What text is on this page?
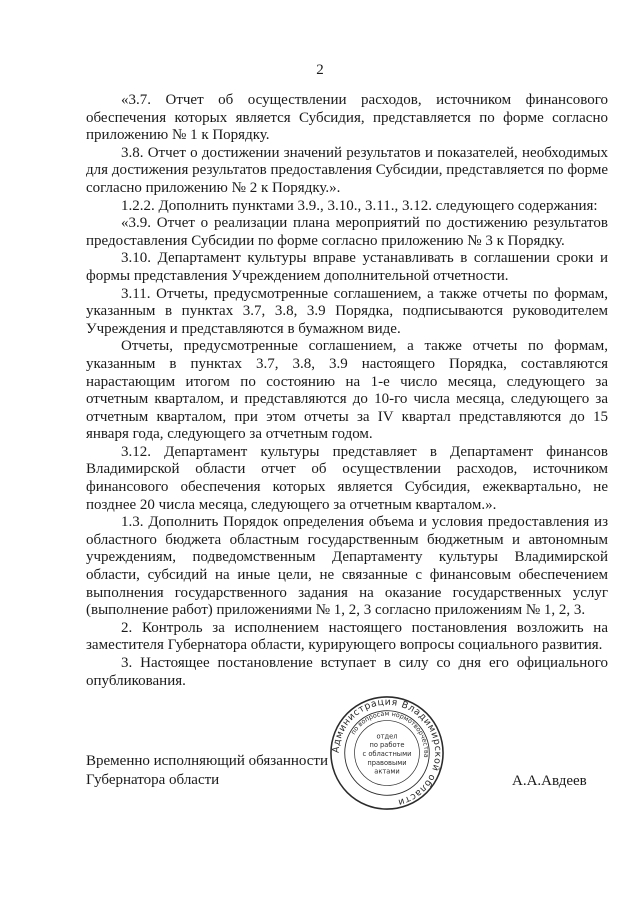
2

«3.7. Отчет об осуществлении расходов, источником финансового обеспечения которых является Субсидия, представляется по форме согласно приложению № 1 к Порядку.

3.8. Отчет о достижении значений результатов и показателей, необходимых для достижения результатов предоставления Субсидии, представляется по форме согласно приложению № 2 к Порядку.».

1.2.2. Дополнить пунктами 3.9., 3.10., 3.11., 3.12. следующего содержания:

«3.9. Отчет о реализации плана мероприятий по достижению результатов предоставления Субсидии по форме согласно приложению № 3 к Порядку.

3.10. Департамент культуры вправе устанавливать в соглашении сроки и формы представления Учреждением дополнительной отчетности.

3.11. Отчеты, предусмотренные соглашением, а также отчеты по формам, указанным в пунктах 3.7, 3.8, 3.9 Порядка, подписываются руководителем Учреждения и представляются в бумажном виде.

Отчеты, предусмотренные соглашением, а также отчеты по формам, указанным в пунктах 3.7, 3.8, 3.9 настоящего Порядка, составляются нарастающим итогом по состоянию на 1-е число месяца, следующего за отчетным кварталом, и представляются до 10-го числа месяца, следующего за отчетным кварталом, при этом отчеты за IV квартал представляются до 15 января года, следующего за отчетным годом.

3.12. Департамент культуры представляет в Департамент финансов Владимирской области отчет об осуществлении расходов, источником финансового обеспечения которых является Субсидия, ежеквартально, не позднее 20 числа месяца, следующего за отчетным кварталом.».

1.3. Дополнить Порядок определения объема и условия предоставления из областного бюджета областным государственным бюджетным и автономным учреждениям, подведомственным Департаменту культуры Владимирской области, субсидий на иные цели, не связанные с финансовым обеспечением выполнения государственного задания на оказание государственных услуг (выполнение работ) приложениями № 1, 2, 3 согласно приложениям № 1, 2, 3.

2. Контроль за исполнением настоящего постановления возложить на заместителя Губернатора области, курирующего вопросы социального развития.

3. Настоящее постановление вступает в силу со дня его официального опубликования.

Временно исполняющий обязанности
Губернатора области	А.А.Авдеев
Администрация Владимирской области
по вопросам нормотворчества
отдел
по работе
с областными
правовыми
актами
